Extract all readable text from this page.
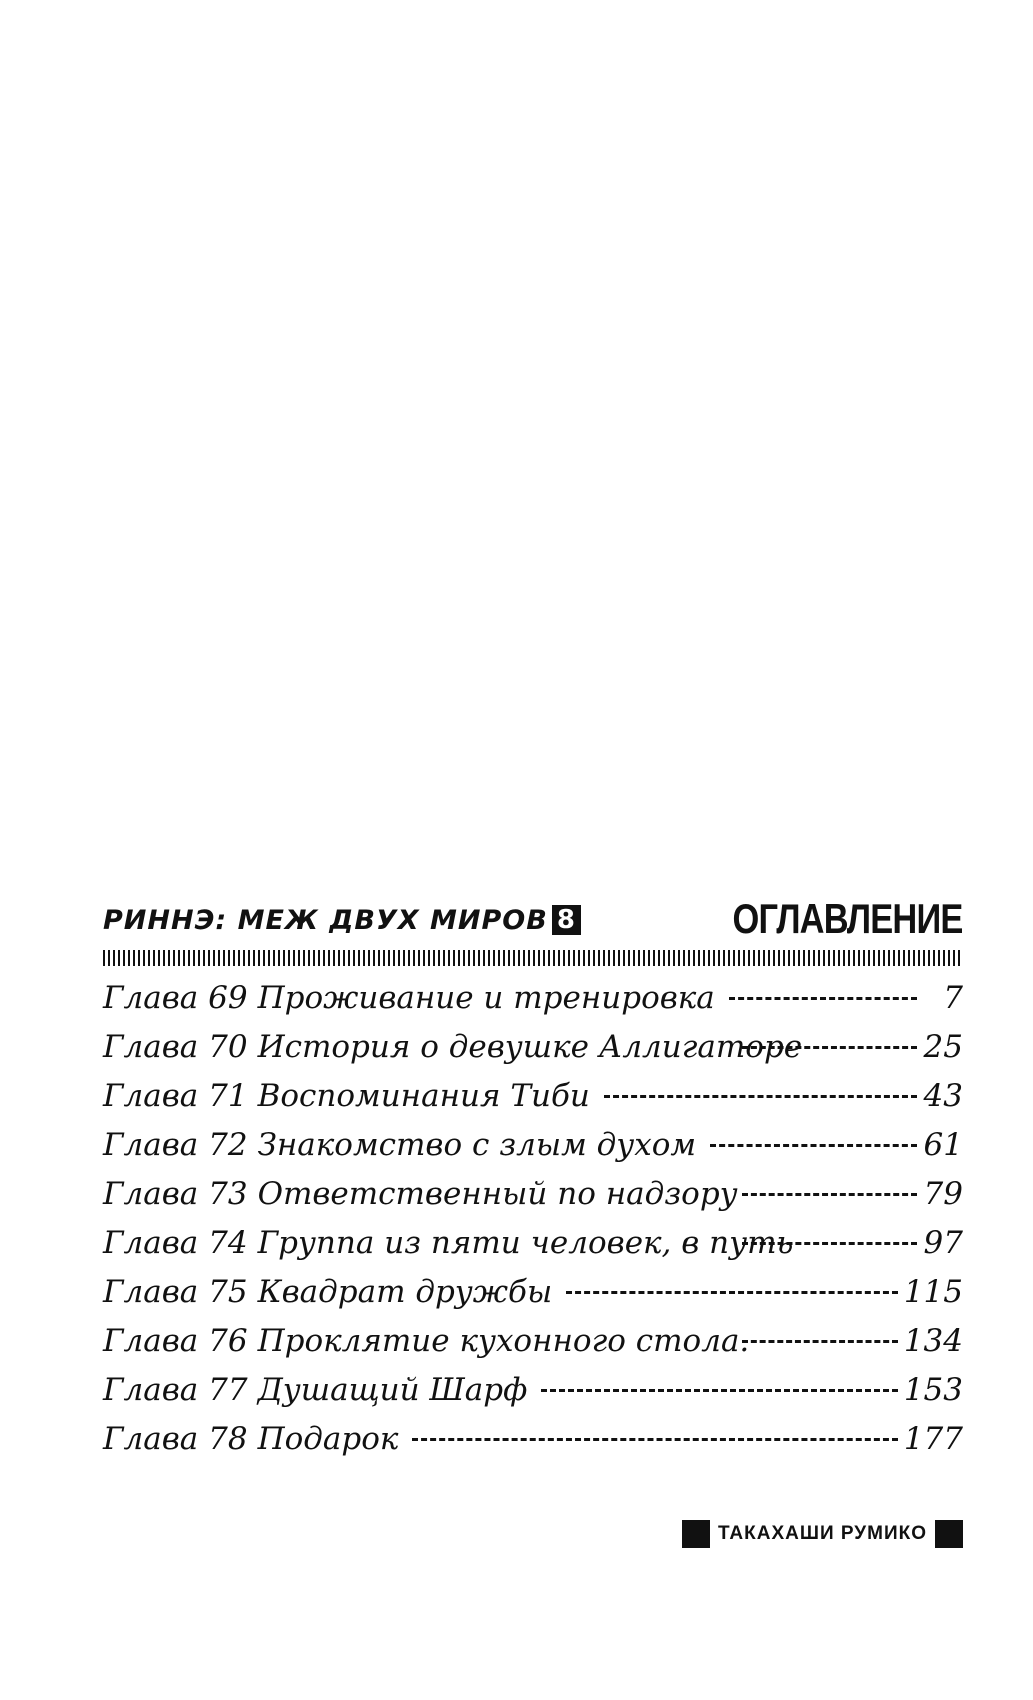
РИННЭ: МЕЖ ДВУХ МИРОВ 8	ОГЛАВЛЕНИЕ
Глава 69 Проживание и тренировка	7
Глава 70 История о девушке Аллигаторе	25
Глава 71 Воспоминания Тиби	43
Глава 72 Знакомство с злым духом	61
Глава 73 Ответственный по надзору	79
Глава 74 Группа из пяти человек, в путь	97
Глава 75 Квадрат дружбы	115
Глава 76 Проклятие кухонного стола.	134
Глава 77 Душащий Шарф	153
Глава 78 Подарок	177
ТАКАХАШИ РУМИКО
